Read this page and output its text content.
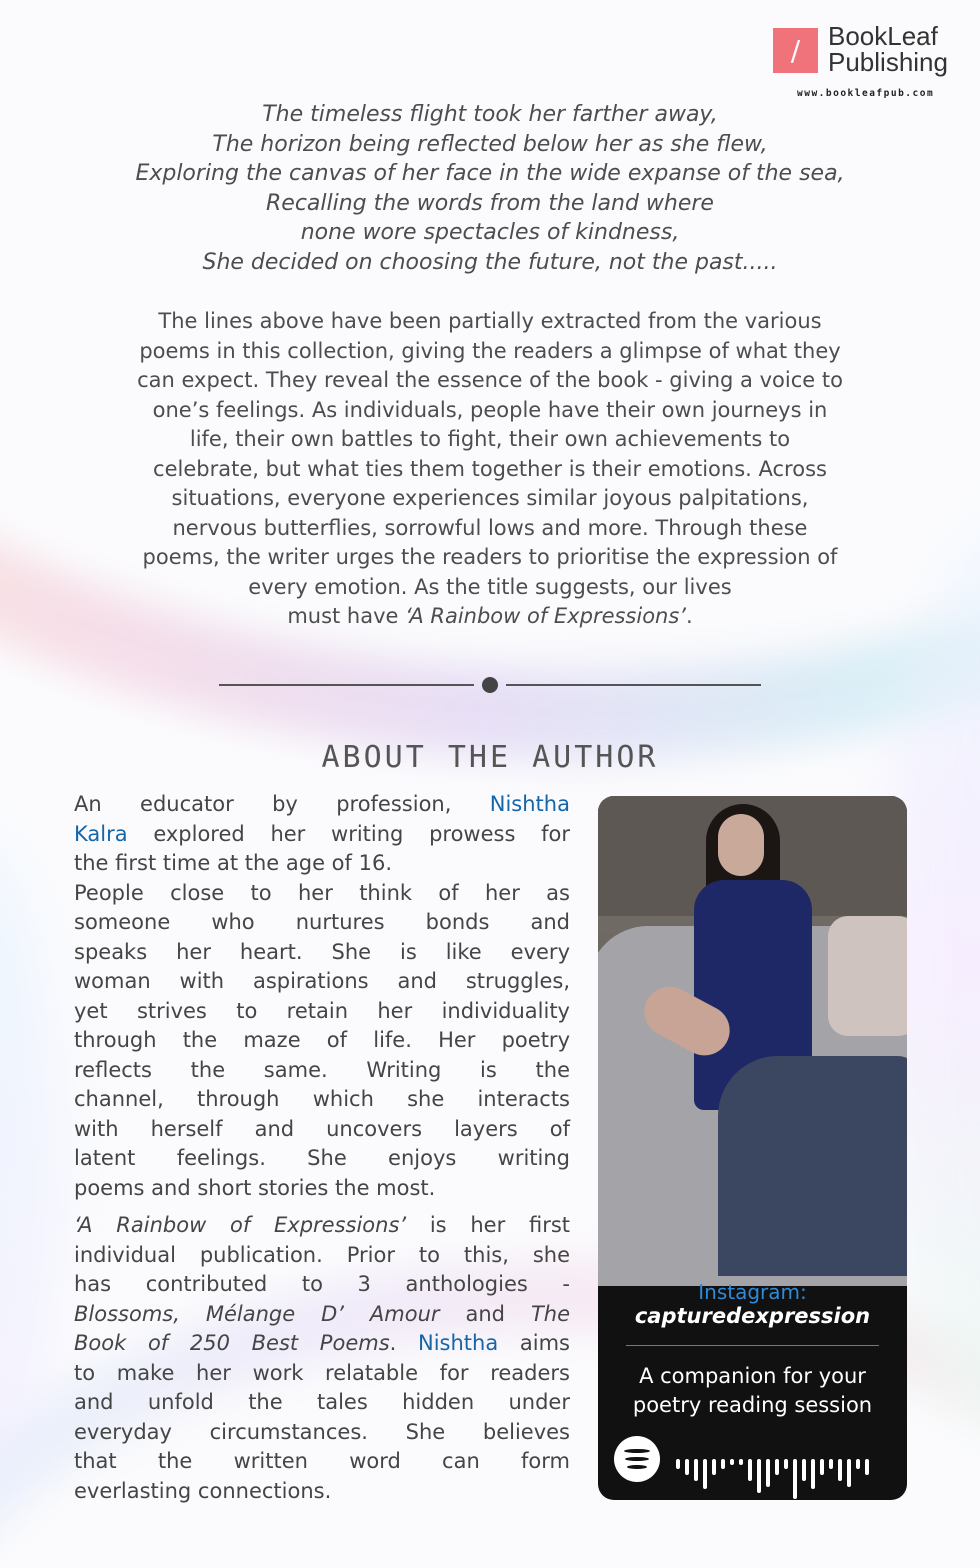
/	BookLeaf
Publishing
www.bookleafpub.com
The timeless flight took her farther away,
The horizon being reflected below her as she flew,
Exploring the canvas of her face in the wide expanse of the sea,
Recalling the words from the land where
none wore spectacles of kindness,
She decided on choosing the future, not the past.....
The lines above have been partially extracted from the various
poems in this collection, giving the readers a glimpse of what they
can expect. They reveal the essence of the book - giving a voice to
one’s feelings. As individuals, people have their own journeys in
life, their own battles to fight, their own achievements to
celebrate, but what ties them together is their emotions. Across
situations, everyone experiences similar joyous palpitations,
nervous butterflies, sorrowful lows and more. Through these
poems, the writer urges the readers to prioritise the expression of
every emotion. As the title suggests, our lives
must have ‘A Rainbow of Expressions’.
ABOUT THE AUTHOR
An educator by profession, Nishtha
Kalra explored her writing prowess for
the first time at the age of 16.
People close to her think of her as
someone who nurtures bonds and
speaks her heart. She is like every
woman with aspirations and struggles,
yet strives to retain her individuality
through the maze of life. Her poetry
reflects the same. Writing is the
channel, through which she interacts
with herself and uncovers layers of
latent feelings. She enjoys writing
poems and short stories the most.
‘A Rainbow of Expressions’ is her first
individual publication. Prior to this, she
has contributed to 3 anthologies -
Blossoms, Mélange D’ Amour and The
Book of 250 Best Poems. Nishtha aims
to make her work relatable for readers
and unfold the tales hidden under
everyday circumstances. She believes
that the written word can form
everlasting connections.
Instagram:
capturedexpression
A companion for your
poetry reading session
